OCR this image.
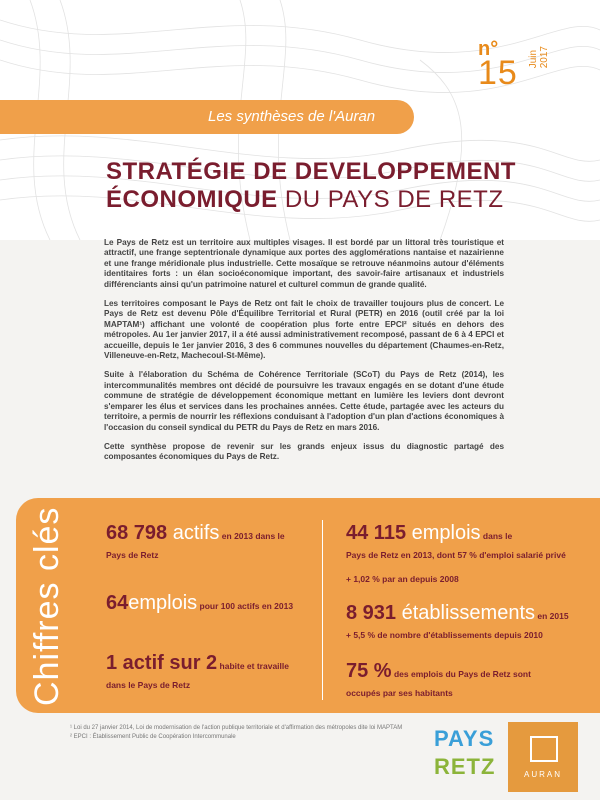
n°
15 Juin 2017
Les synthèses de l'Auran
STRATÉGIE DE DEVELOPPEMENT
ÉCONOMIQUE DU PAYS DE RETZ

Le Pays de Retz est un territoire aux multiples visages. Il est bordé par un littoral très touristique et attractif, une frange septentrionale dynamique aux portes des agglomérations nantaise et nazairienne et une frange méridionale plus industrielle. Cette mosaïque se retrouve néanmoins autour d'éléments identitaires forts : un élan socioéconomique important, des savoir-faire artisanaux et industriels différenciants ainsi qu'un patrimoine naturel et culturel commun de grande qualité.

Les territoires composant le Pays de Retz ont fait le choix de travailler toujours plus de concert. Le Pays de Retz est devenu Pôle d'Équilibre Territorial et Rural (PETR) en 2016 (outil créé par la loi MAPTAM¹) affichant une volonté de coopération plus forte entre EPCI² situés en dehors des métropoles. Au 1er janvier 2017, il a été aussi administrativement recomposé, passant de 6 à 4 EPCI et accueille, depuis le 1er janvier 2016, 3 des 6 communes nouvelles du département (Chaumes-en-Retz, Villeneuve-en-Retz, Machecoul-St-Même).

Suite à l'élaboration du Schéma de Cohérence Territoriale (SCoT) du Pays de Retz (2014), les intercommunalités membres ont décidé de poursuivre les travaux engagés en se dotant d'une étude commune de stratégie de développement économique mettant en lumière les leviers dont devront s'emparer les élus et services dans les prochaines années. Cette étude, partagée avec les acteurs du territoire, a permis de nourrir les réflexions conduisant à l'adoption d'un plan d'actions économiques à l'occasion du conseil syndical du PETR du Pays de Retz en mars 2016.

Cette synthèse propose de revenir sur les grands enjeux issus du diagnostic partagé des composantes économiques du Pays de Retz.

Chiffres clés 68 798 actifs en 2013 dans le
Pays de Retz
64emplois pour 100 actifs en 2013
1 actif sur 2 habite et travaille
dans le Pays de Retz
44 115 emplois dans le
Pays de Retz en 2013, dont 57 % d'emploi salarié privé

+ 1,02 % par an depuis 2008
8 931 établissements en 2015
+ 5,5 % de nombre d'établissements depuis 2010
75 % des emplois du Pays de Retz sont
occupés par ses habitants
¹ Loi du 27 janvier 2014, Loi de modernisation de l'action publique territoriale et d'affirmation des métropoles dite loi MAPTAM
² EPCI : Établissement Public de Coopération Intercommunale	PAYS
RETZ	AURAN
